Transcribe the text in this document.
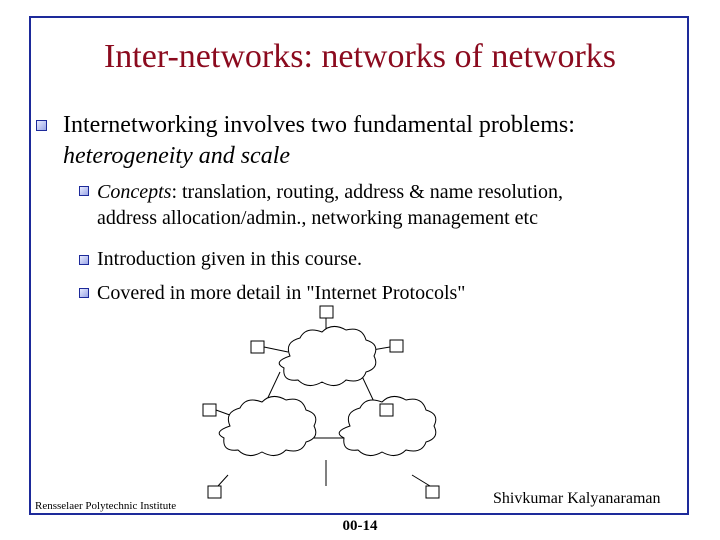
Inter-networks: networks of networks
Internetworking involves two fundamental problems:
heterogeneity and scale
Concepts: translation, routing, address & name resolution,
address allocation/admin., networking management etc
Introduction given in this course.
Covered in more detail in "Internet Protocols"
Rensselaer Polytechnic Institute	Shivkumar Kalyanaraman
00-14
